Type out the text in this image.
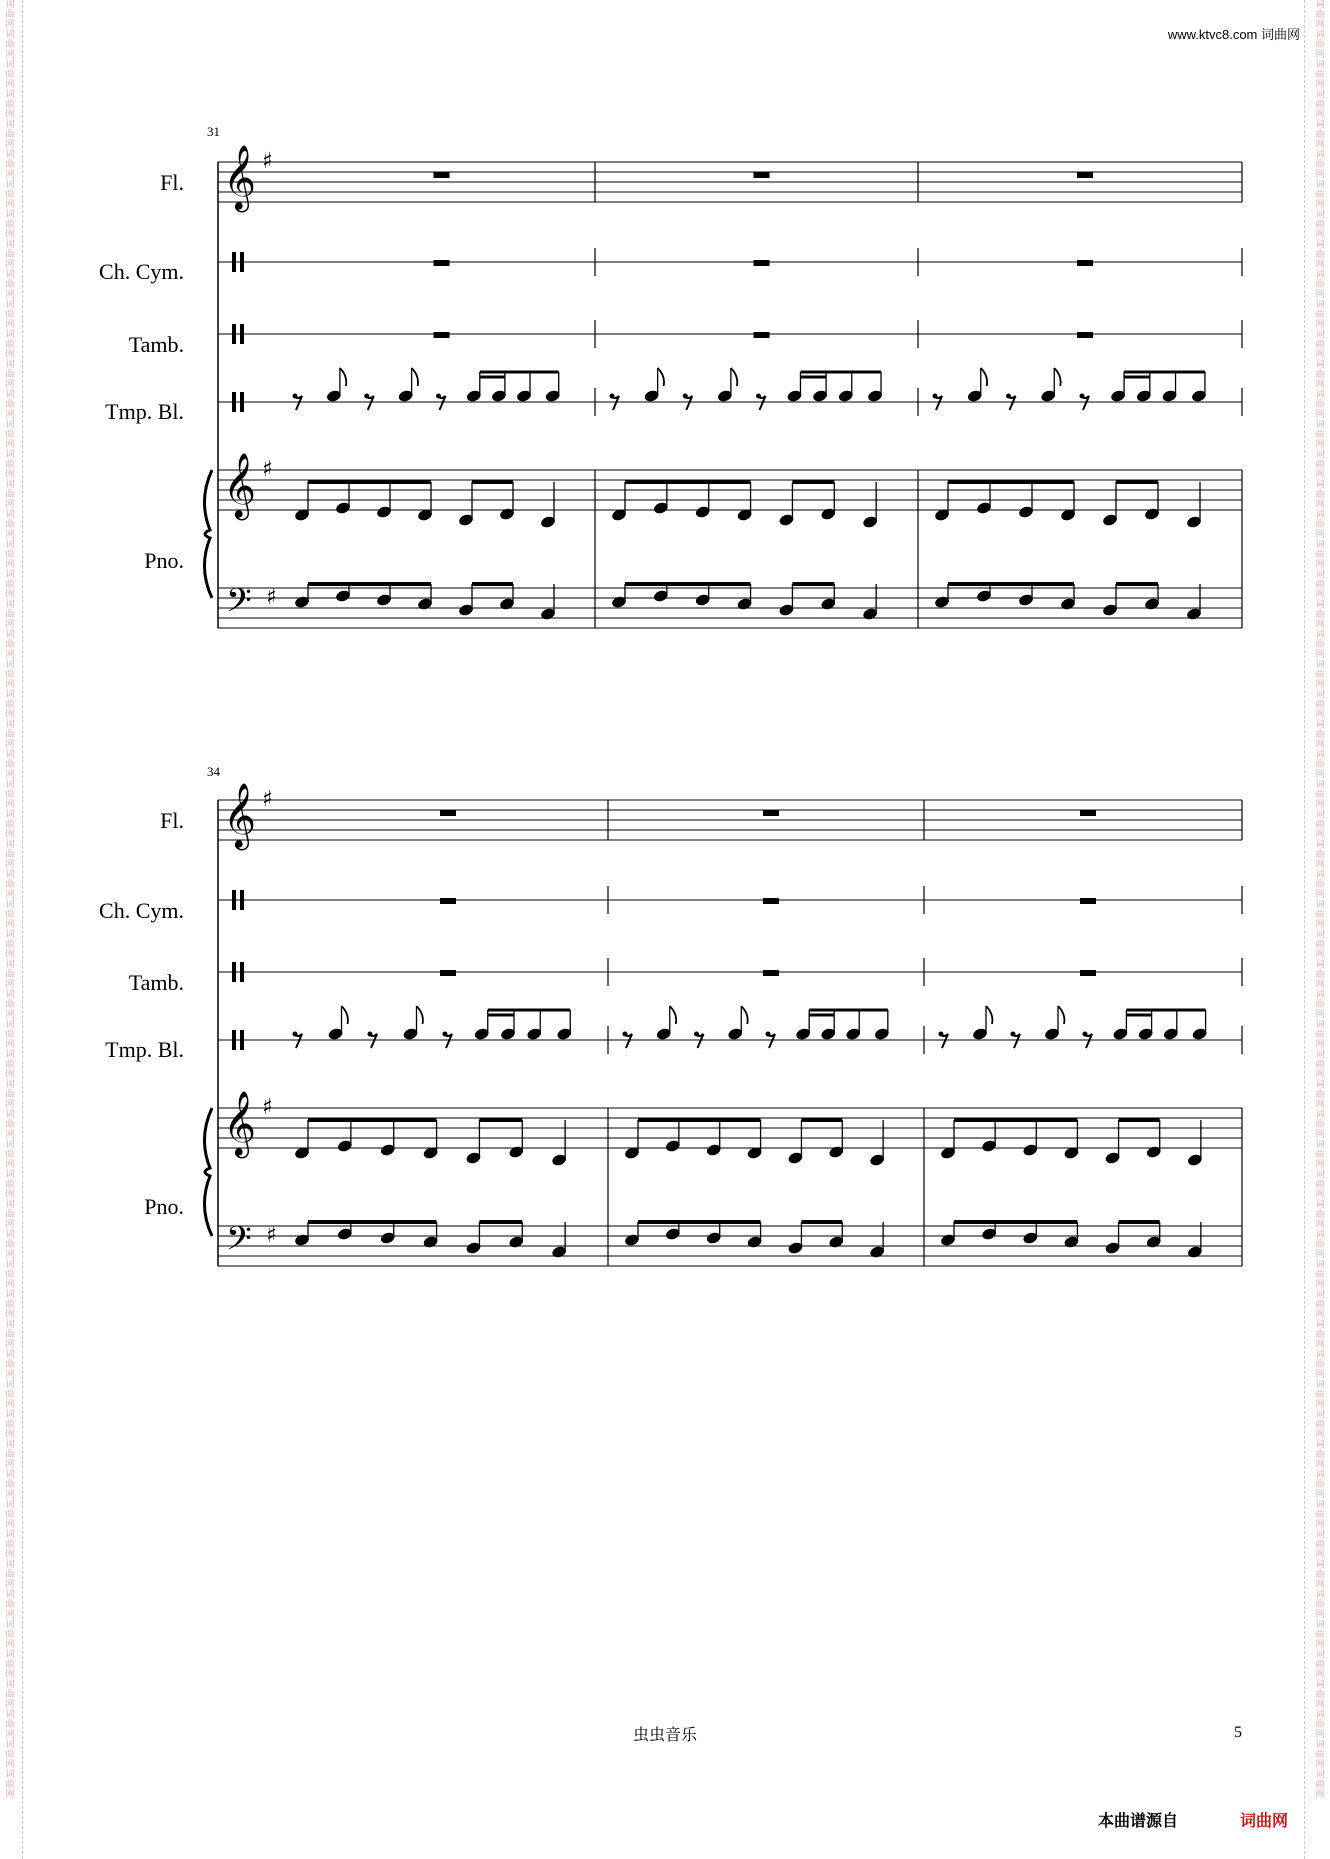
词曲网词曲网词曲网词曲网词曲网词曲网词曲网词曲网词曲网词曲网词曲网词曲网词曲网词曲网词曲网词曲网词曲网词曲网词曲网词曲网词曲网词曲网词曲网词曲网词曲网词曲网词曲网词曲网词曲网词曲网词曲网词曲网词曲网词曲网词曲网词曲网词曲网词曲网词曲网词曲网词曲网词曲网词曲网词曲网词曲网词曲网词曲网词曲网词曲网词曲网词曲网词曲网词曲网词曲网词曲网词曲网词曲网词曲网词曲网词曲网
词曲网词曲网词曲网词曲网词曲网词曲网词曲网词曲网词曲网词曲网词曲网词曲网词曲网词曲网词曲网词曲网词曲网词曲网词曲网词曲网词曲网词曲网词曲网词曲网词曲网词曲网词曲网词曲网词曲网词曲网词曲网词曲网词曲网词曲网词曲网词曲网词曲网词曲网词曲网词曲网词曲网词曲网词曲网词曲网词曲网词曲网词曲网词曲网词曲网词曲网词曲网词曲网词曲网词曲网词曲网词曲网词曲网词曲网词曲网词曲网
www.ktvc8.com 词曲网
31
Fl.
Ch. Cym.
Tamb.
Tmp. Bl.
Pno.
34
Fl.
Ch. Cym.
Tamb.
Tmp. Bl.
Pno.
𝄞 ♯
𝄞 ♯
𝄢 ♯
𝄞 ♯
𝄞 ♯
𝄢 ♯
虫虫音乐	5
本曲谱源自	词曲网
